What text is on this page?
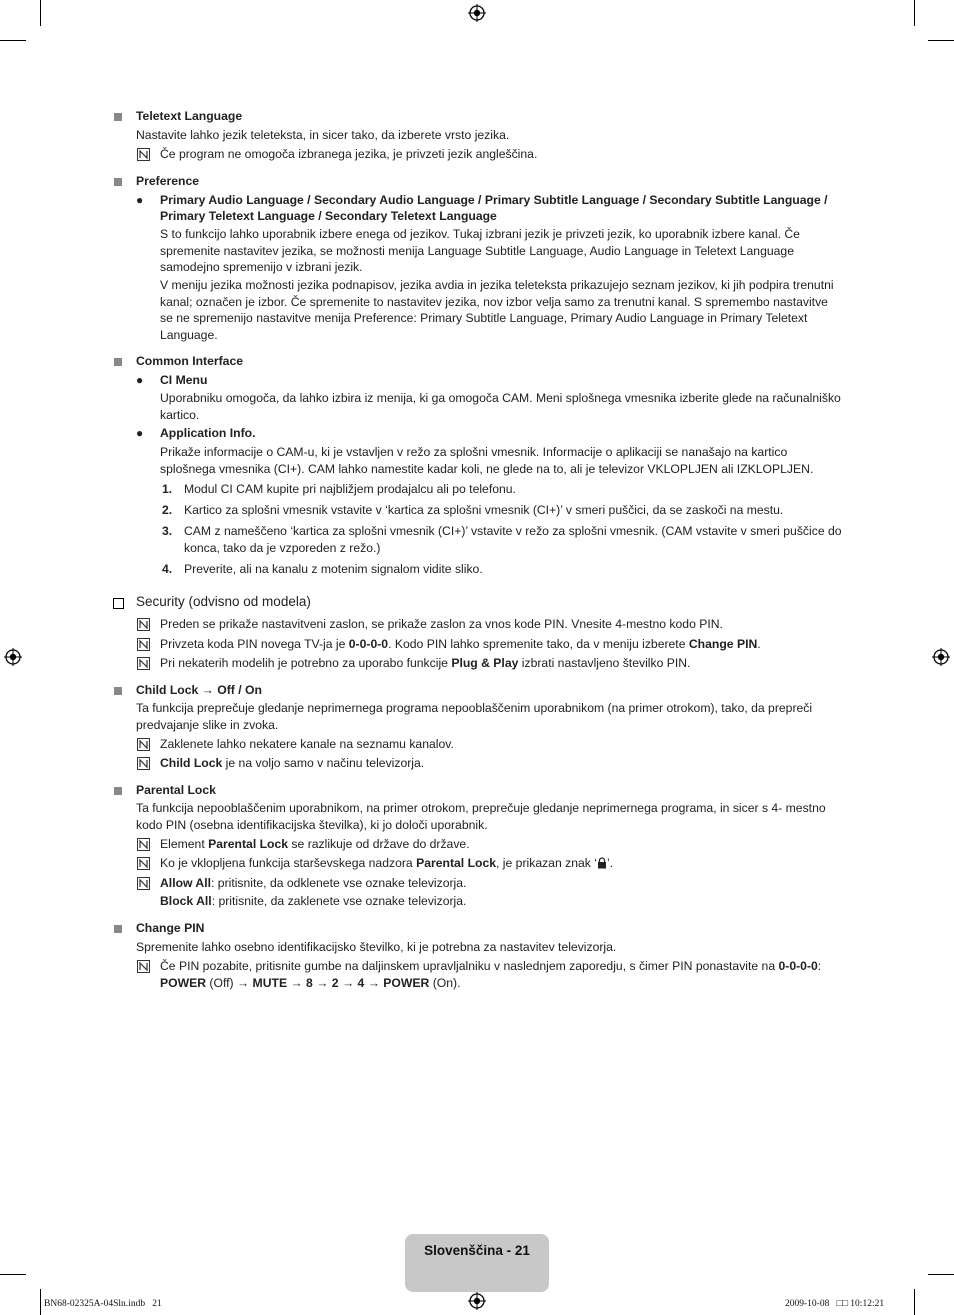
Teletext Language
Nastavite lahko jezik teleteksta, in sicer tako, da izberete vrsto jezika.
Če program ne omogoča izbranega jezika, je privzeti jezik angleščina.
Preference
● Primary Audio Language / Secondary Audio Language / Primary Subtitle Language / Secondary Subtitle Language /
Primary Teletext Language / Secondary Teletext Language
S to funkcijo lahko uporabnik izbere enega od jezikov. Tukaj izbrani jezik je privzeti jezik, ko uporabnik izbere kanal. Če spremenite nastavitev jezika, se možnosti menija Language Subtitle Language, Audio Language in Teletext Language samodejno spremenijo v izbrani jezik.
V meniju jezika možnosti jezika podnapisov, jezika avdia in jezika teleteksta prikazujejo seznam jezikov, ki jih podpira trenutni kanal; označen je izbor. Če spremenite to nastavitev jezika, nov izbor velja samo za trenutni kanal. S spremembo nastavitve se ne spremenijo nastavitve menija Preference: Primary Subtitle Language, Primary Audio Language in Primary Teletext Language.
Common Interface
● CI Menu
Uporabniku omogoča, da lahko izbira iz menija, ki ga omogoča CAM. Meni splošnega vmesnika izberite glede na računalniško kartico.
● Application Info.
Prikaže informacije o CAM-u, ki je vstavljen v režo za splošni vmesnik. Informacije o aplikaciji se nanašajo na kartico splošnega vmesnika (CI+). CAM lahko namestite kadar koli, ne glede na to, ali je televizor VKLOPLJEN ali IZKLOPLJEN.
1. Modul CI CAM kupite pri najbližjem prodajalcu ali po telefonu.
2. Kartico za splošni vmesnik vstavite v ‘kartica za splošni vmesnik (CI+)’ v smeri puščici, da se zaskoči na mestu.
3. CAM z nameščeno ‘kartica za splošni vmesnik (CI+)’ vstavite v režo za splošni vmesnik. (CAM vstavite v smeri puščice do konca, tako da je vzporeden z režo.)
4. Preverite, ali na kanalu z motenim signalom vidite sliko.
Security (odvisno od modela)
Preden se prikaže nastavitveni zaslon, se prikaže zaslon za vnos kode PIN. Vnesite 4-mestno kodo PIN.
Privzeta koda PIN novega TV-ja je 0-0-0-0. Kodo PIN lahko spremenite tako, da v meniju izberete Change PIN.
Pri nekaterih modelih je potrebno za uporabo funkcije Plug & Play izbrati nastavljeno številko PIN.
Child Lock → Off / On
Ta funkcija preprečuje gledanje neprimernega programa nepooblaščenim uporabnikom (na primer otrokom), tako, da prepreči predvajanje slike in zvoka.
Zaklenete lahko nekatere kanale na seznamu kanalov.
Child Lock je na voljo samo v načinu televizorja.
Parental Lock
Ta funkcija nepooblaščenim uporabnikom, na primer otrokom, preprečuje gledanje neprimernega programa, in sicer s 4- mestno kodo PIN (osebna identifikacijska številka), ki jo določi uporabnik.
Element Parental Lock se razlikuje od države do države.
Ko je vklopljena funkcija starševskega nadzora Parental Lock, je prikazan znak ‘ ’.
Allow All: pritisnite, da odklenete vse oznake televizorja.
Block All: pritisnite, da zaklenete vse oznake televizorja.
Change PIN
Spremenite lahko osebno identifikacijsko številko, ki je potrebna za nastavitev televizorja.
Če PIN pozabite, pritisnite gumbe na daljinskem upravljalniku v naslednjem zaporedju, s čimer PIN ponastavite na 0-0-0-0:
POWER (Off) → MUTE → 8 → 2 → 4 → POWER (On).
Slovenščina - 21
BN68-02325A-04Sln.indb   21	2009-10-08   □□ 10:12:21
